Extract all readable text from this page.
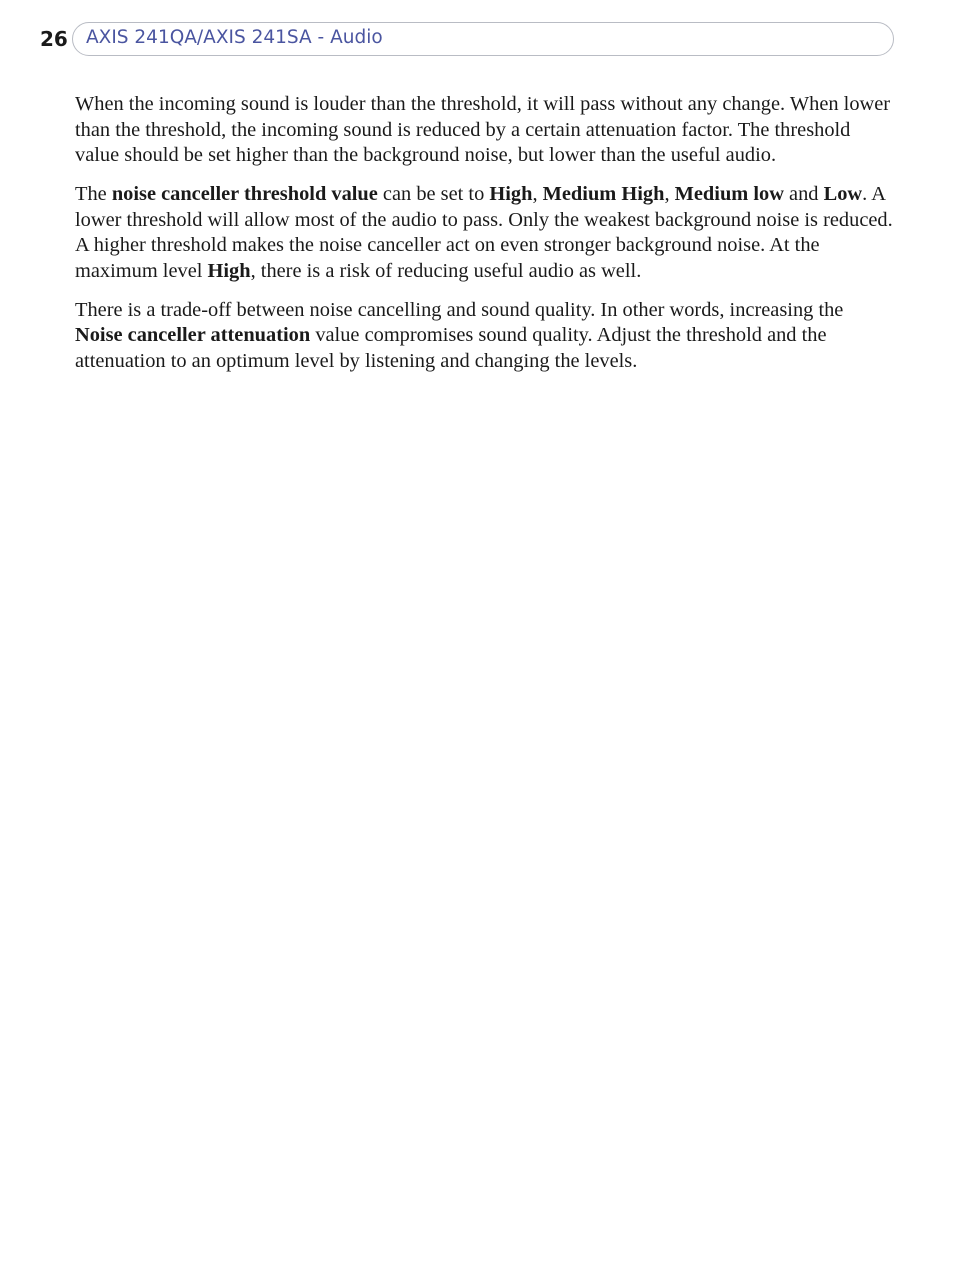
26 AXIS 241QA/AXIS 241SA - Audio

When the incoming sound is louder than the threshold, it will pass without any change. When lower than the threshold, the incoming sound is reduced by a certain attenuation factor. The threshold value should be set higher than the background noise, but lower than the useful audio.

The noise canceller threshold value can be set to High, Medium High, Medium low and Low. A lower threshold will allow most of the audio to pass. Only the weakest background noise is reduced. A higher threshold makes the noise canceller act on even stronger background noise. At the maximum level High, there is a risk of reducing useful audio as well.

There is a trade-off between noise cancelling and sound quality. In other words, increasing the Noise canceller attenuation value compromises sound quality. Adjust the threshold and the attenuation to an optimum level by listening and changing the levels.
